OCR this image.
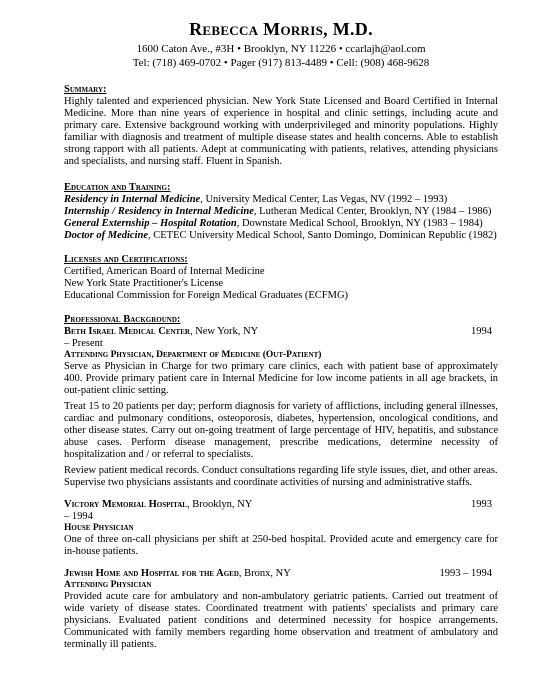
Rebecca Morris, M.D.

1600 Caton Ave., #3H • Brooklyn, NY 11226 • ccarlajh@aol.com

Tel: (718) 469-0702 • Pager (917) 813-4489 • Cell: (908) 468-9628

Summary:

Highly talented and experienced physician. New York State Licensed and Board Certified in Internal Medicine. More than nine years of experience in hospital and clinic settings, including acute and primary care. Extensive background working with underprivileged and minority populations. Highly familiar with diagnosis and treatment of multiple disease states and health concerns. Able to establish strong rapport with all patients. Adept at communicating with patients, relatives, attending physicians and specialists, and nursing staff. Fluent in Spanish.

Education and Training:

Residency in Internal Medicine, University Medical Center, Las Vegas, NV (1992 – 1993)

Internship / Residency in Internal Medicine, Lutheran Medical Center, Brooklyn, NY (1984 – 1986)

General Externship – Hospital Rotation, Downstate Medical School, Brooklyn, NY (1983 – 1984)

Doctor of Medicine, CETEC University Medical School, Santo Domingo, Dominican Republic (1982)

Licenses and Certifications:

Certified, American Board of Internal Medicine

New York State Practitioner's License

Educational Commission for Foreign Medical Graduates (ECFMG)

Professional Background:

Beth Israel Medical Center, New York, NY	1994

– Present

Attending Physician, Department of Medicine (Out-Patient)

Serve as Physician in Charge for two primary care clinics, each with patient base of approximately 400. Provide primary patient care in Internal Medicine for low income patients in all age brackets, in out-patient clinic setting.

Treat 15 to 20 patients per day; perform diagnosis for variety of afflictions, including general illnesses, cardiac and pulmonary conditions, osteoporosis, diabetes, hypertension, oncological conditions, and other disease states. Carry out on-going treatment of large percentage of HIV, hepatitis, and substance abuse cases. Perform disease management, prescribe medications, determine necessity of hospitalization and / or referral to specialists.

Review patient medical records. Conduct consultations regarding life style issues, diet, and other areas.

Supervise two physicians assistants and coordinate activities of nursing and administrative staffs.

Victory Memorial Hospital, Brooklyn, NY	1993

– 1994

House Physician

One of three on-call physicians per shift at 250-bed hospital. Provided acute and emergency care for in-house patients.

Jewish Home and Hospital for the Aged, Bronx, NY	1993 – 1994

Attending Physician

Provided acute care for ambulatory and non-ambulatory geriatric patients. Carried out treatment of wide variety of disease states. Coordinated treatment with patients' specialists and primary care physicians. Evaluated patient conditions and determined necessity for hospice arrangements. Communicated with family members regarding home observation and treatment of ambulatory and terminally ill patients.
